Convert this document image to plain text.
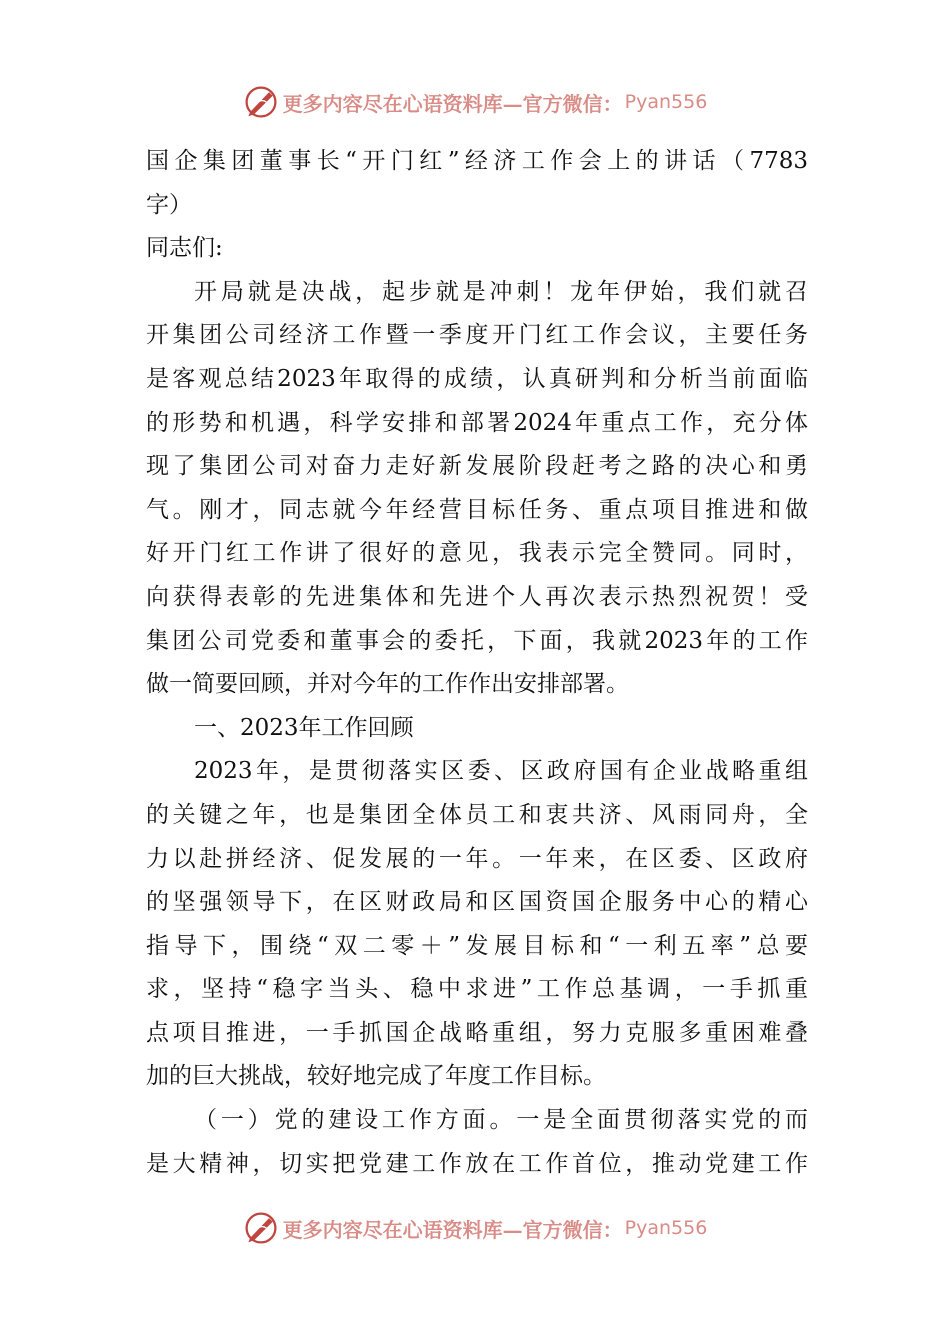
更多内容尽在心语资料库—官方微信： Pyan556
国企集团董事长“开门红”经济工作会上的讲话（7783
字）
同志们:
开局就是决战，起步就是冲刺！龙年伊始，我们就召
开集团公司经济工作暨一季度开门红工作会议，主要任务
是客观总结2023年取得的成绩，认真研判和分析当前面临
的形势和机遇，科学安排和部署2024年重点工作，充分体
现了集团公司对奋力走好新发展阶段赶考之路的决心和勇
气。刚才，同志就今年经营目标任务、重点项目推进和做
好开门红工作讲了很好的意见，我表示完全赞同。同时，
向获得表彰的先进集体和先进个人再次表示热烈祝贺！受
集团公司党委和董事会的委托，下面，我就2023年的工作
做一简要回顾，并对今年的工作作出安排部署。
一、2023年工作回顾
2023年，是贯彻落实区委、区政府国有企业战略重组
的关键之年，也是集团全体员工和衷共济、风雨同舟，全
力以赴拼经济、促发展的一年。一年来，在区委、区政府
的坚强领导下，在区财政局和区国资国企服务中心的精心
指导下，围绕“双二零＋”发展目标和“一利五率”总要
求，坚持“稳字当头、稳中求进”工作总基调，一手抓重
点项目推进，一手抓国企战略重组，努力克服多重困难叠
加的巨大挑战，较好地完成了年度工作目标。
（一）党的建设工作方面。一是全面贯彻落实党的而
是大精神，切实把党建工作放在工作首位，推动党建工作
更多内容尽在心语资料库—官方微信： Pyan556
